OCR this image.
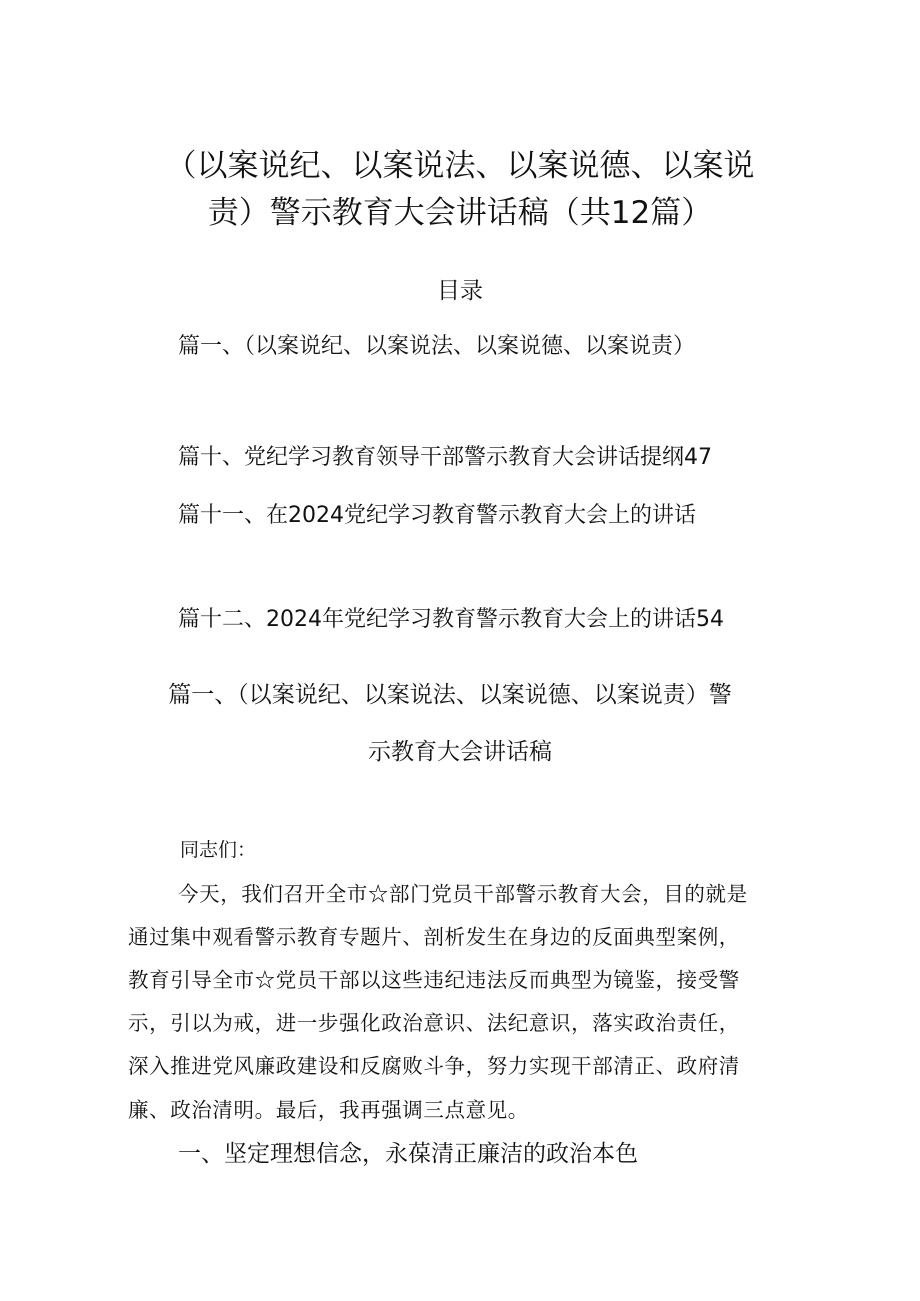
（以案说纪、以案说法、以案说德、以案说
责）警示教育大会讲话稿（共12篇）
目录
篇一、（以案说纪、以案说法、以案说德、以案说责）
篇十、党纪学习教育领导干部警示教育大会讲话提纲47
篇十一、在2024党纪学习教育警示教育大会上的讲话
篇十二、2024年党纪学习教育警示教育大会上的讲话54
篇一、（以案说纪、以案说法、以案说德、以案说责）警
示教育大会讲话稿
同志们：
今天，我们召开全市☆部门党员干部警示教育大会，目的就是
通过集中观看警示教育专题片、剖析发生在身边的反面典型案例，
教育引导全市☆党员干部以这些违纪违法反而典型为镜鉴，接受警
示，引以为戒，进一步强化政治意识、法纪意识，落实政治责任，
深入推进党风廉政建设和反腐败斗争，努力实现干部清正、政府清
廉、政治清明。最后，我再强调三点意见。
一、坚定理想信念，永葆清正廉洁的政治本色
